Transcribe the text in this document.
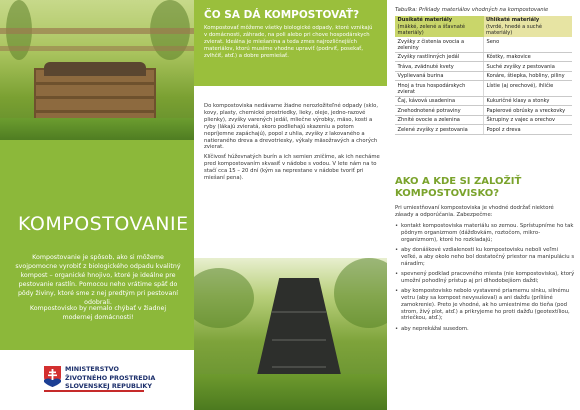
KOMPOSTOVANIE

Kompostovanie je spôsob, ako si môžeme svojpomocne vyrobiť z biologického odpadu kvalitný kompost – organické hnojivo, ktoré je ideálne pre pestovanie rastlín. Pomocou neho vrátime späť do pôdy živiny, ktoré sme z nej predtým pri pestovaní odobrali.

Kompostovisko by nemalo chýbať v žiadnej modernej domácnosti!

MINISTERSTVO
ŽIVOTNÉHO PROSTREDIA
SLOVENSKEJ REPUBLIKY
ČO SA DÁ KOMPOSTOVAŤ?

Kompostovať môžeme všetky biologické odpady, ktoré vznikajú v domácnosti, záhrade, na poli alebo pri chove hospodárskych zvierat. Ideálna je miešanina a teda zmes najrozličnejších materiálov, ktorú musíme vhodne upraviť (podrviť, posekať, zvlhčiť, atď.) a dobre premiešať.

Do kompostoviska nedávame žiadne nerozložiteľné odpady (sklo, kovy, plasty, chemické prostriedky, lieky, oleje, jedno-razové plienky), zvyšky varených jedál, mliečne výrobky, mäso, kosti a ryby (lákajú zvieratá, skoro podliehajú skazeniu a potom nepríjemne zapáchajú), popol z uhlia, zvyšky z lakovaného a natieraného dreva a drevotriesky, výkaly mäsožravých a chorých zvierat.

Klíčivosť húževnatých burín a ich semien zničíme, ak ich necháme pred kompostovaním skvasiť v nádobe s vodou. V lete nám na to stačí cca 15 – 20 dní (kým sa neprestane v nádobe tvoriť pri miešaní pena).

Tabuľka: Príklady materiálov vhodných na kompostovanie

Dusíkaté materiály
(mäkké, zelené a šťavnaté materiály)	Uhlíkaté materiály
(tvrdé, hnedé a suché materiály)
Zvyšky z čistenia ovocia a zeleniny	Seno
Zvyšky rastlinných jedál	Kôstky, makovice
Tráva, zvädnuté kvety	Suché zvyšky z pestovania
Vyplievaná burina	Konáre, štiepka, hobliny, piliny
Hnoj a trus hospodárskych zvierat	Lístie (aj orechové), ihličie
Čaj, kávová usadenina	Kukuričné klasy a stonky
Znehodnotené potraviny	Papierové obrúsky a vreckovky
Zhnité ovocie a zelenina	Škrupiny z vajec a orechov
Zelené zvyšky z pestovania	Popol z dreva
AKO A KDE SI ZALOŽIŤ
KOMPOSTOVISKO?

Pri umiestňovaní kompostoviska je vhodné dodržať niektoré zásady a odporúčania. Zabezpečme:

• kontakt kompostoviska materiálu so zemou. Sprístupníme ho tak pôdnym organizmom (dážďovkám, roztočom, mikro-organizmom), ktoré ho rozkladajú;
• aby donáškové vzdialenosti ku kompostovisku neboli veľmi veľké, a aby okolo neho bol dostatočný priestor na manipuláciu s náradím;
• spevnený podklad pracovného miesta (nie kompostoviska), ktorý umožní pohodlný prístup aj pri dlhodobejšom daždi;
• aby kompostovisko nebolo vystavené priamemu slnku, silnému vetru (aby sa kompost nevysušoval) a ani dažďu (prílišné zamokrenie). Preto je vhodné, ak ho umiestnime do tieňa (pod strom, živý plot, atď.) a prikryjeme ho proti dažďu (geotextíliou, striečkou, atď.);
• aby neprekážal susedom.
